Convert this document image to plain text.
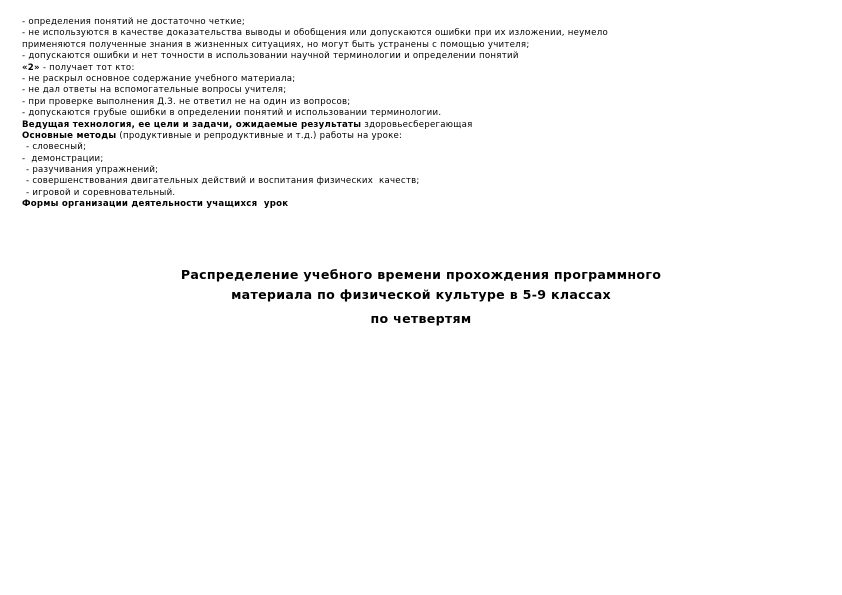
- определения понятий не достаточно четкие;
- не используются в качестве доказательства выводы и обобщения или допускаются ошибки при их изложении, неумело
применяются полученные знания в жизненных ситуациях, но могут быть устранены с помощью учителя;
- допускаются ошибки и нет точности в использовании научной терминологии и определении понятий
«2» - получает тот кто:
- не раскрыл основное содержание учебного материала;
- не дал ответы на вспомогательные вопросы учителя;
- при проверке выполнения Д.З. не ответил не на один из вопросов;
- допускаются грубые ошибки в определении понятий и использовании терминологии.
Ведущая технология, ее цели и задачи, ожидаемые результаты здоровьесберегающая
Основные методы (продуктивные и репродуктивные и т.д.) работы на уроке:
- словесный;
-  демонстрации;
- разучивания упражнений;
- совершенствования двигательных действий и воспитания физических  качеств;
- игровой и соревновательный.
Формы организации деятельности учащихся  урок
Распределение учебного времени прохождения программного
материала по физической культуре в 5-9 классах
по четвертям
